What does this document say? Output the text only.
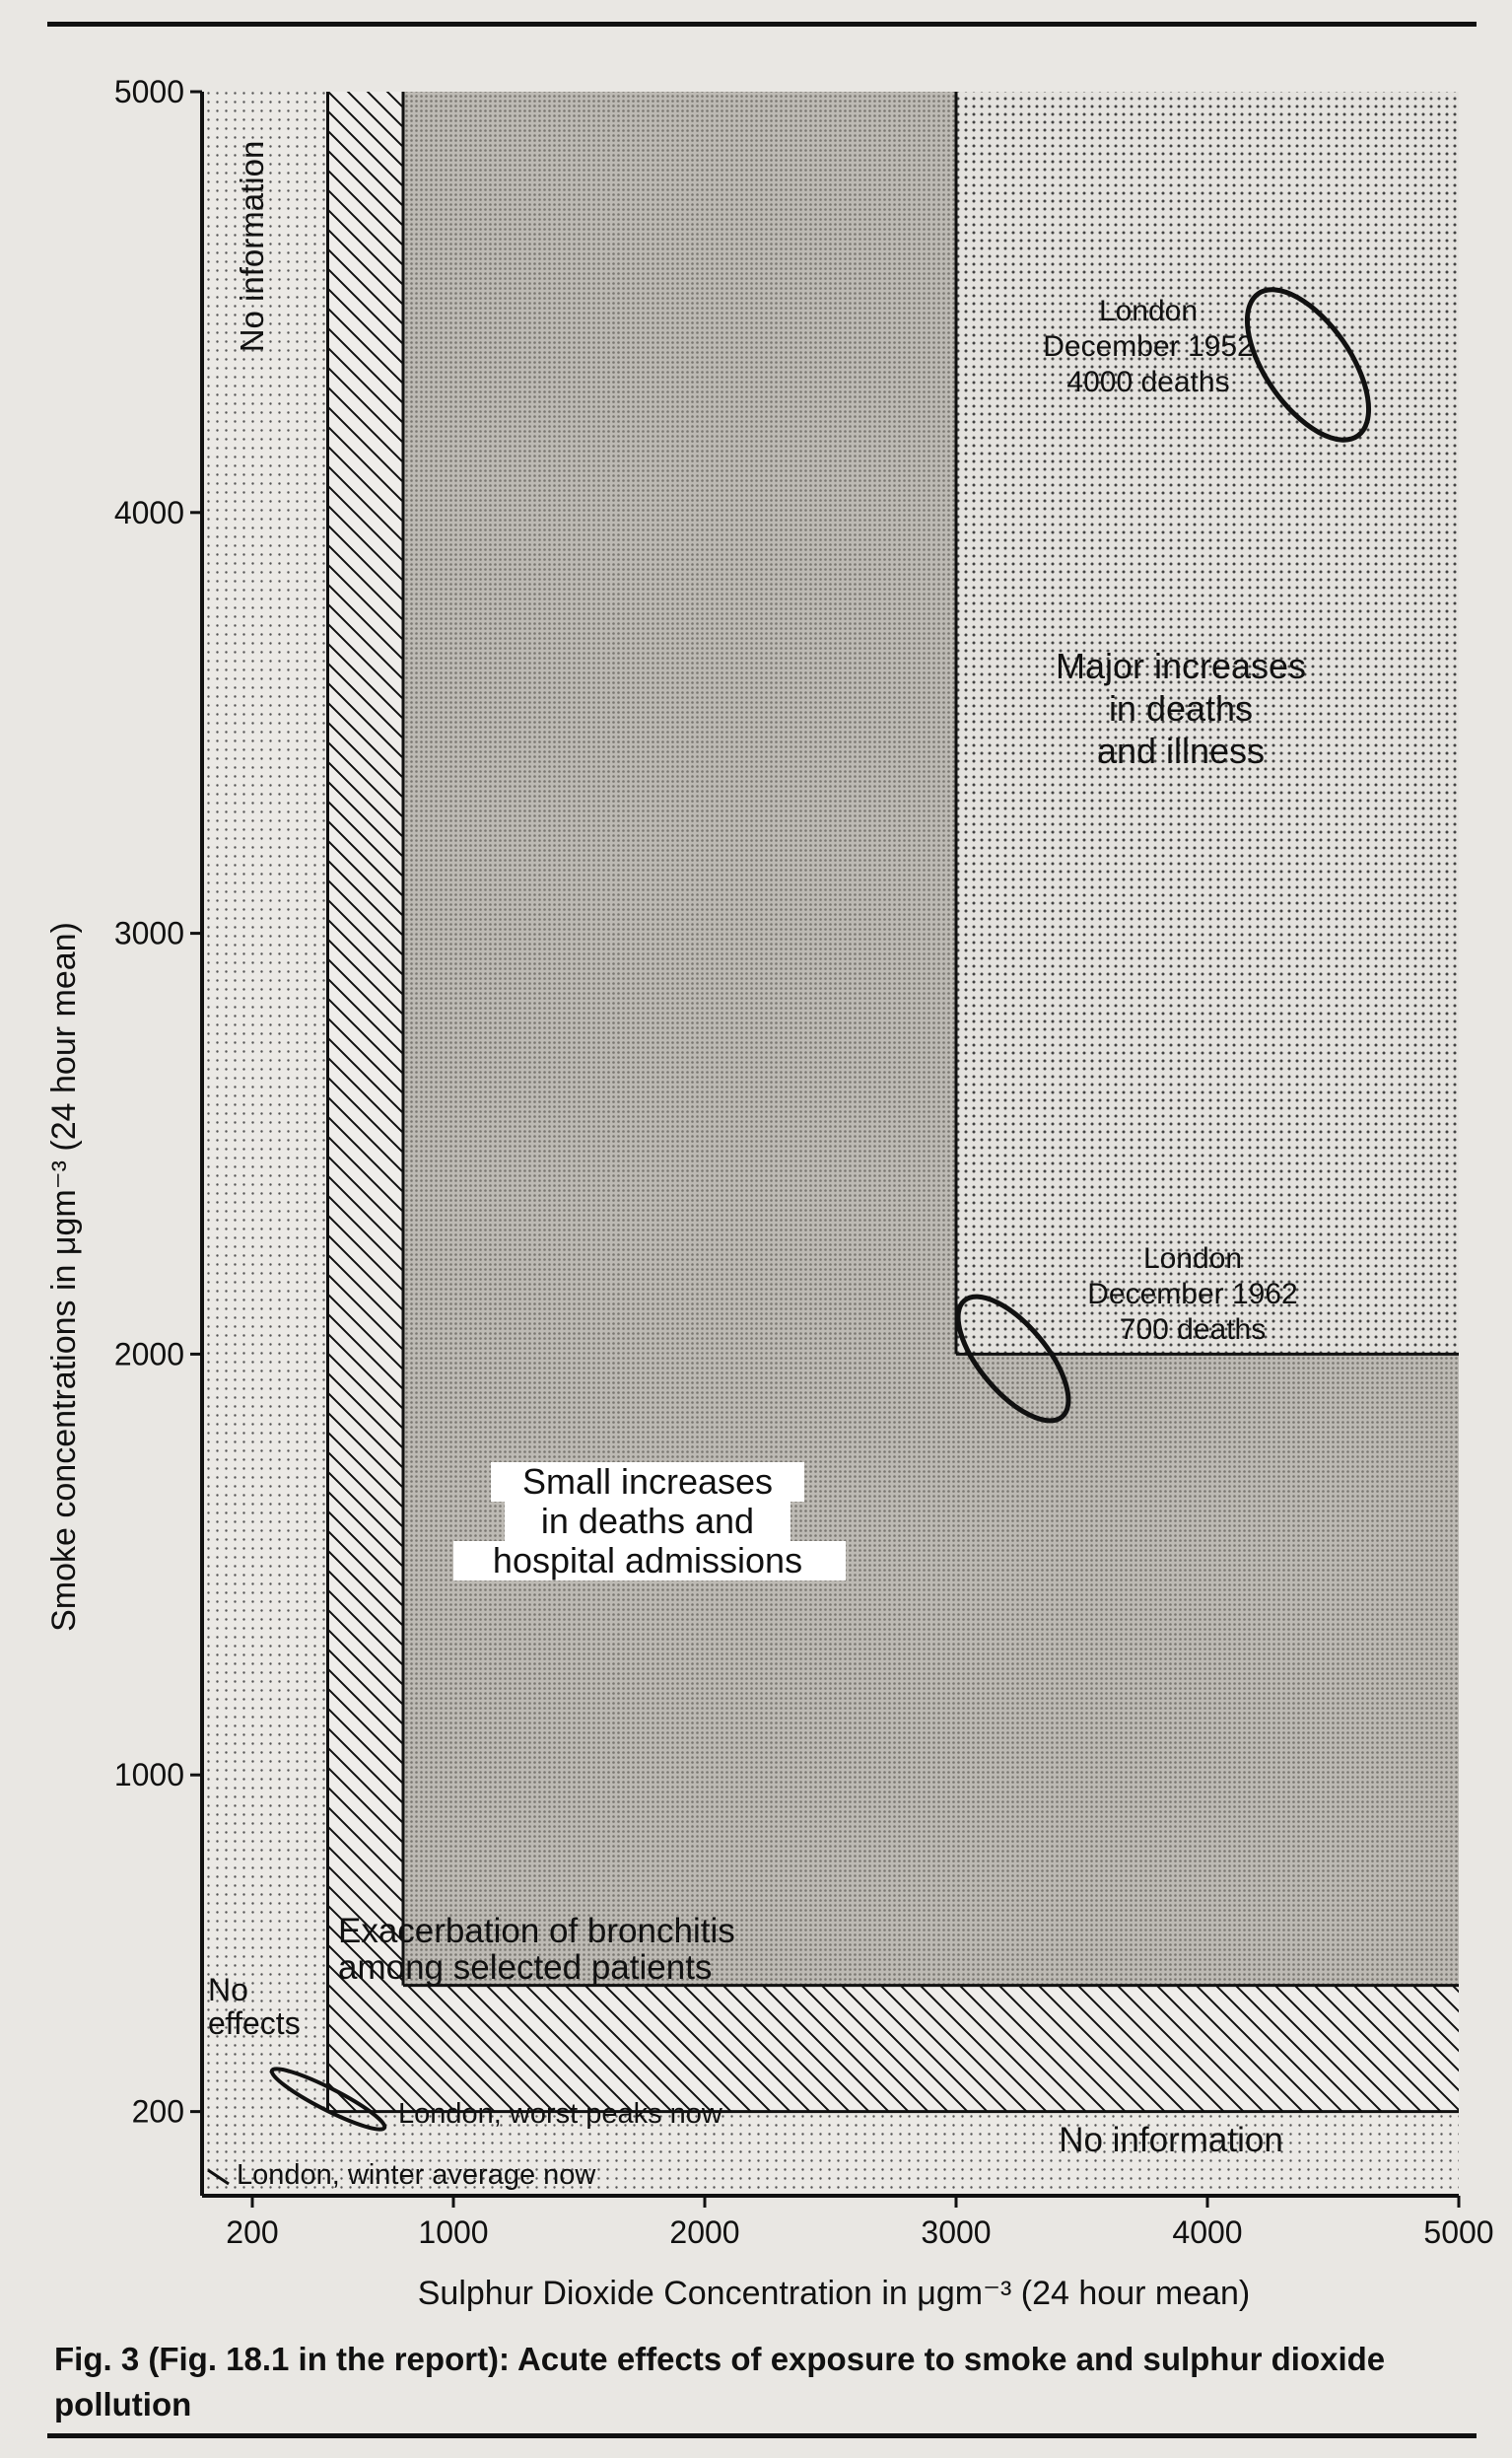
200
1000
2000
3000
4000
5000
200	1000	2000	3000	4000	5000
No information
No information
No
effects
Exacerbation of bronchitis
among selected patients
Small increases
in deaths and
hospital admissions
Major increases
in deaths
and illness
London
December 1952
4000 deaths
London
December 1962
700 deaths
London, worst peaks now
London, winter average now
Smoke concentrations in μgm⁻³ (24 hour mean)
Sulphur Dioxide Concentration in μgm⁻³ (24 hour mean)
Fig. 3 (Fig. 18.1 in the report): Acute effects of exposure to smoke and sulphur dioxide pollution
